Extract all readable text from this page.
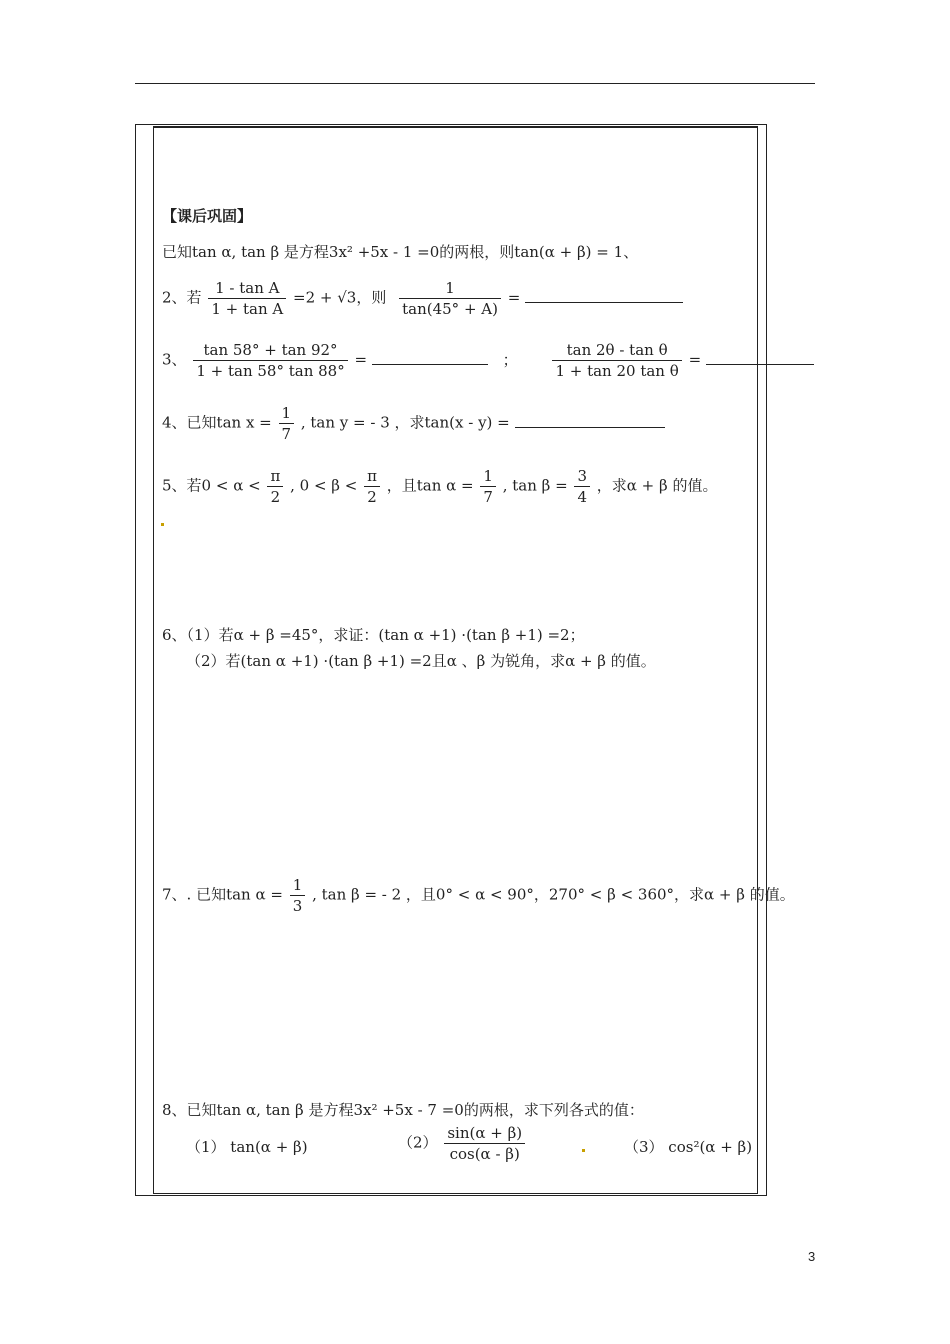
【课后巩固】
已知tan α, tan β 是方程3x² +5x - 1 =0的两根，则tan(α + β) = 1、
2、若 $\frac{\text{1 - tan A}}{\text{1 + tan A}} =2 + √3$，则 $\frac{1}{\tan(45^\circ + A)}$ =
3、 $\frac{\tan 58^\circ + \tan 92^\circ}{1 + \tan 58^\circ \tan 88^\circ}$ =	； $\frac{\text{tan 2θ - tan θ}}{\text{1 + tan 20 tan θ}}$ =
4、已知$\tan x = \frac{1}{7}$ , tan y = - 3 ，求tan(x - y) =
5、若$0 < \alpha < \frac{\pi}{2}$ , $0 < \beta < \frac{\pi}{2}$ ，且$\tan \alpha = \frac{1}{7}$ , $\tan \beta = \frac{3}{4}$ ，求α + β 的值。
6、（1）若α + β =45°，求证：(tan α +1) ·(tan β +1) =2；
（2）若(tan α +1) ·(tan β +1) =2且α 、β 为锐角，求α + β 的值。
7、. 已知$\tan \alpha = \frac{1}{3}$ , tan β = - 2 ，且0° < α < 90°，270° < β < 360°，求α + β 的值。
8、已知tan α, tan β 是方程3x² +5x - 7 =0的两根，求下列各式的值：
（1） tan(α + β)	$(2) \frac{\sin(\alpha + \beta)}{\cos(\alpha - \beta)}$	（3） cos²(α + β)
3
